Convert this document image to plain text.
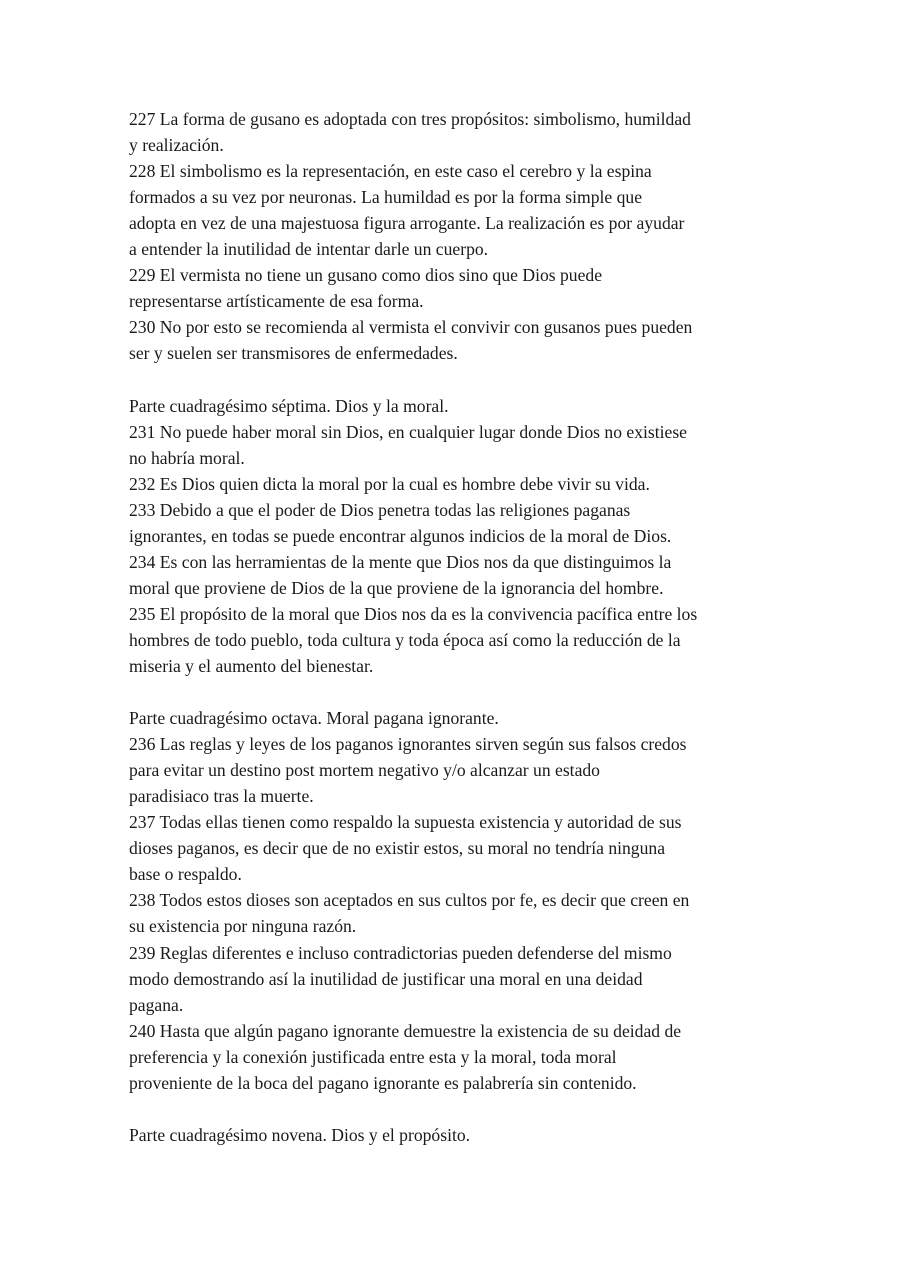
227 La forma de gusano es adoptada con tres propósitos: simbolismo, humildad
y realización.
228 El simbolismo es la representación, en este caso el cerebro y la espina
formados a su vez por neuronas. La humildad es por la forma simple que
adopta en vez de una majestuosa figura arrogante. La realización es por ayudar
a entender la inutilidad de intentar darle un cuerpo.
229 El vermista no tiene un gusano como dios sino que Dios puede
representarse artísticamente de esa forma.
230 No por esto se recomienda al vermista el convivir con gusanos pues pueden
ser y suelen ser transmisores de enfermedades.
Parte cuadragésimo séptima. Dios y la moral.
231 No puede haber moral sin Dios, en cualquier lugar donde Dios no existiese
no habría moral.
232 Es Dios quien dicta la moral por la cual es hombre debe vivir su vida.
233 Debido a que el poder de Dios penetra todas las religiones paganas
ignorantes, en todas se puede encontrar algunos indicios de la moral de Dios.
234 Es con las herramientas de la mente que Dios nos da que distinguimos la
moral que proviene de Dios de la que proviene de la ignorancia del hombre.
235 El propósito de la moral que Dios nos da es la convivencia pacífica entre los
hombres de todo pueblo, toda cultura y toda época así como la reducción de la
miseria y el aumento del bienestar.
Parte cuadragésimo octava. Moral pagana ignorante.
236 Las reglas y leyes de los paganos ignorantes sirven según sus falsos credos
para evitar un destino post mortem negativo y/o alcanzar un estado
paradisiaco tras la muerte.
237 Todas ellas tienen como respaldo la supuesta existencia y autoridad de sus
dioses paganos, es decir que de no existir estos, su moral no tendría ninguna
base o respaldo.
238 Todos estos dioses son aceptados en sus cultos por fe, es decir que creen en
su existencia por ninguna razón.
239 Reglas diferentes e incluso contradictorias pueden defenderse del mismo
modo demostrando así la inutilidad de justificar una moral en una deidad
pagana.
240 Hasta que algún pagano ignorante demuestre la existencia de su deidad de
preferencia y la conexión justificada entre esta y la moral, toda moral
proveniente de la boca del pagano ignorante es palabrería sin contenido.
Parte cuadragésimo novena. Dios y el propósito.
